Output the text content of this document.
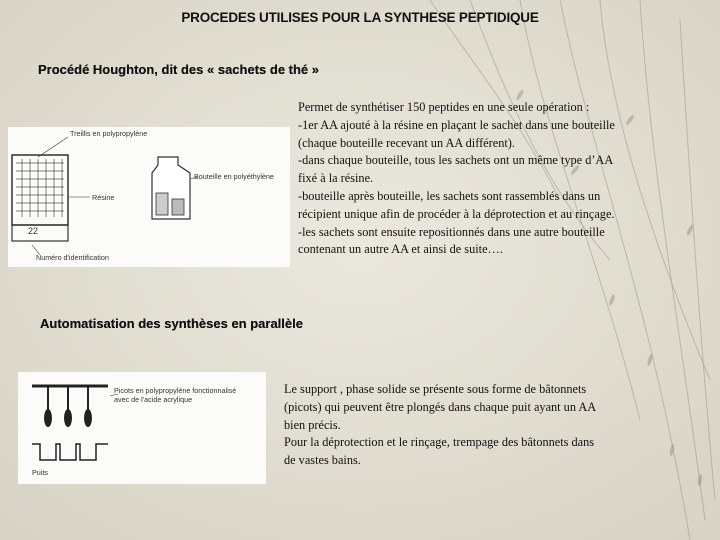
PROCEDES UTILISES POUR LA SYNTHESE PEPTIDIQUE
Procédé Houghton, dit des « sachets de thé »
Treillis en polypropylène
Résine
22
Numéro d'identification
Bouteille en polyéthylène
Permet de synthétiser 150 peptides en une seule opération :
-1er AA ajouté à la résine en plaçant le sachet dans une bouteille
(chaque bouteille recevant un AA différent).
-dans chaque bouteille, tous les sachets ont un même type d’AA
fixé à la résine.
-bouteille après bouteille, les sachets sont rassemblés dans un
récipient unique afin de procéder à la déprotection et au rinçage.
-les sachets sont ensuite repositionnés dans une autre bouteille
contenant un autre AA et ainsi de suite….
Automatisation des synthèses en parallèle
Picots en polypropylène fonctionnalisé
avec de l'acide acrylique
Puits
Le support , phase solide se présente sous forme de bâtonnets
(picots) qui peuvent être plongés dans chaque puit ayant un AA
bien précis.
Pour la déprotection et le rinçage, trempage des bâtonnets dans
de vastes bains.
